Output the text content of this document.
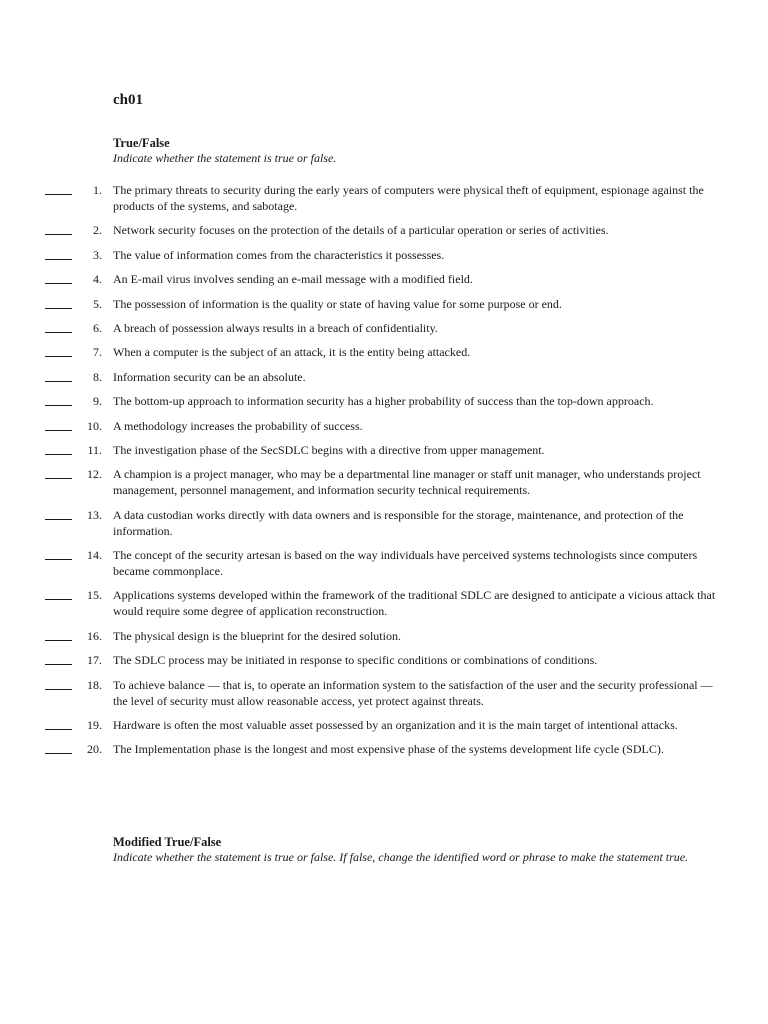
ch01
True/False
Indicate whether the statement is true or false.
1. The primary threats to security during the early years of computers were physical theft of equipment, espionage against the products of the systems, and sabotage.
2. Network security focuses on the protection of the details of a particular operation or series of activities.
3. The value of information comes from the characteristics it possesses.
4. An E-mail virus involves sending an e-mail message with a modified field.
5. The possession of information is the quality or state of having value for some purpose or end.
6. A breach of possession always results in a breach of confidentiality.
7. When a computer is the subject of an attack, it is the entity being attacked.
8. Information security can be an absolute.
9. The bottom-up approach to information security has a higher probability of success than the top-down approach.
10. A methodology increases the probability of success.
11. The investigation phase of the SecSDLC begins with a directive from upper management.
12. A champion is a project manager, who may be a departmental line manager or staff unit manager, who understands project management, personnel management, and information security technical requirements.
13. A data custodian works directly with data owners and is responsible for the storage, maintenance, and protection of the information.
14. The concept of the security artesan is based on the way individuals have perceived systems technologists since computers became commonplace.
15. Applications systems developed within the framework of the traditional SDLC are designed to anticipate a vicious attack that would require some degree of application reconstruction.
16. The physical design is the blueprint for the desired solution.
17. The SDLC process may be initiated in response to specific conditions or combinations of conditions.
18. To achieve balance — that is, to operate an information system to the satisfaction of the user and the security professional — the level of security must allow reasonable access, yet protect against threats.
19. Hardware is often the most valuable asset possessed by an organization and it is the main target of intentional attacks.
20. The Implementation phase is the longest and most expensive phase of the systems development life cycle (SDLC).
Modified True/False
Indicate whether the statement is true or false. If false, change the identified word or phrase to make the statement true.
